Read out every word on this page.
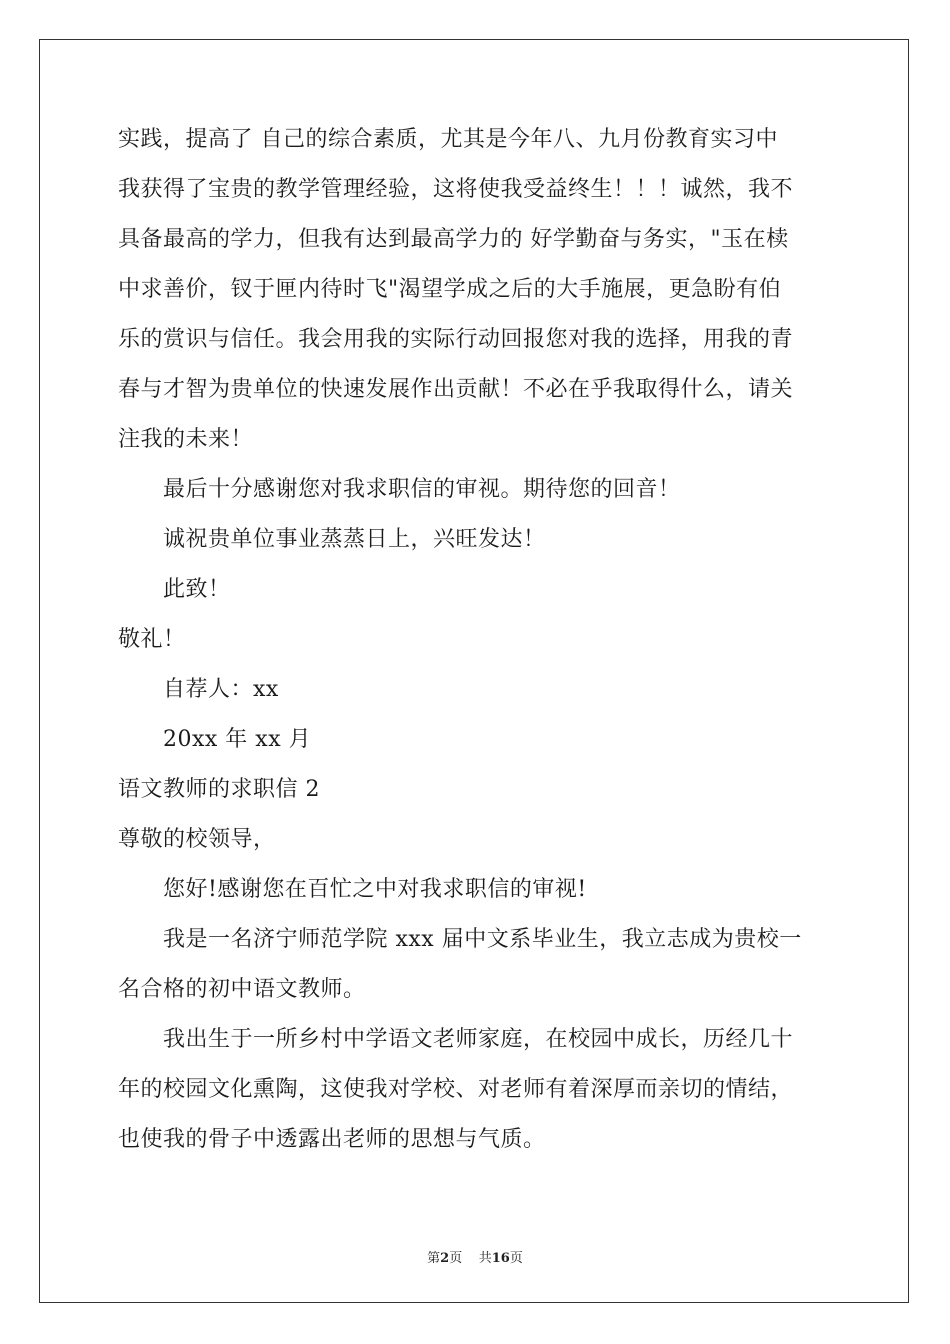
实践，提高了 自己的综合素质，尤其是今年八、九月份教育实习中
我获得了宝贵的教学管理经验，这将使我受益终生！！！诚然，我不
具备最高的学力，但我有达到最高学力的 好学勤奋与务实，"玉在椟
中求善价，钗于匣内待时飞"渴望学成之后的大手施展，更急盼有伯
乐的赏识与信任。我会用我的实际行动回报您对我的选择，用我的青
春与才智为贵单位的快速发展作出贡献！不必在乎我取得什么，请关
注我的未来！
最后十分感谢您对我求职信的审视。期待您的回音！
诚祝贵单位事业蒸蒸日上，兴旺发达！
此致！
敬礼！
自荐人：xx
20xx 年 xx 月
语文教师的求职信 2
尊敬的校领导，
您好!感谢您在百忙之中对我求职信的审视!
我是一名济宁师范学院 xxx 届中文系毕业生，我立志成为贵校一
名合格的初中语文教师。
我出生于一所乡村中学语文老师家庭，在校园中成长，历经几十
年的校园文化熏陶，这使我对学校、对老师有着深厚而亲切的情结，
也使我的骨子中透露出老师的思想与气质。
第2页 共16页
